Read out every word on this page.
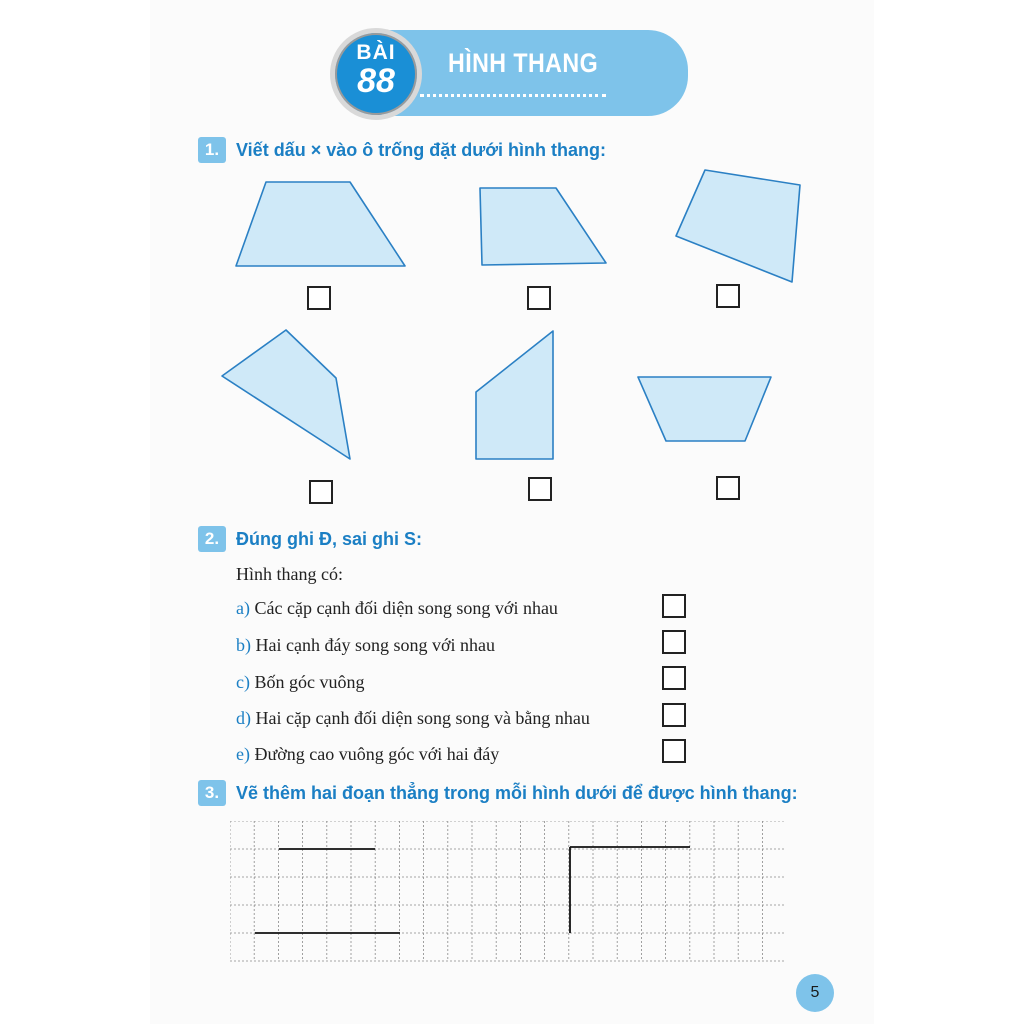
BÀI
88	HÌNH THANG
1. Viết dấu × vào ô trống đặt dưới hình thang:
2. Đúng ghi Đ, sai ghi S:
Hình thang có:
a) Các cặp cạnh đối diện song song với nhau
b) Hai cạnh đáy song song với nhau
c) Bốn góc vuông
d) Hai cặp cạnh đối diện song song và bằng nhau
e) Đường cao vuông góc với hai đáy
3. Vẽ thêm hai đoạn thẳng trong mỗi hình dưới để được hình thang:
5
